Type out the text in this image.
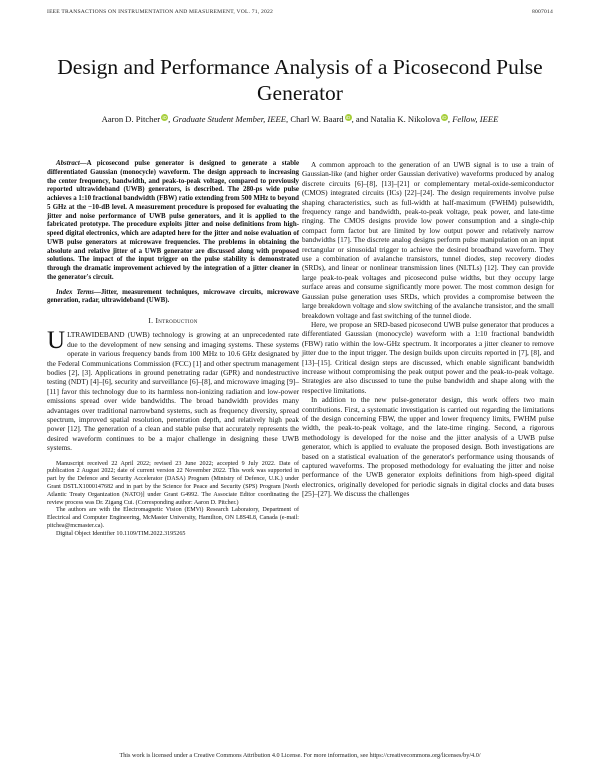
IEEE TRANSACTIONS ON INSTRUMENTATION AND MEASUREMENT, VOL. 71, 2022	8007014
Design and Performance Analysis of a Picosecond Pulse Generator
Aaron D. Pitcher iD, Graduate Student Member, IEEE, Charl W. Baard iD, and Natalia K. Nikolova iD, Fellow, IEEE

Abstract—A picosecond pulse generator is designed to generate a stable differentiated Gaussian (monocycle) waveform. The design approach to increasing the center frequency, bandwidth, and peak-to-peak voltage, compared to previously reported ultrawideband (UWB) generators, is described. The 280-ps wide pulse achieves a 1:10 fractional bandwidth (FBW) ratio extending from 500 MHz to beyond 5 GHz at the −10-dB level. A measurement procedure is proposed for evaluating the jitter and noise performance of UWB pulse generators, and it is applied to the fabricated prototype. The procedure exploits jitter and noise definitions from high-speed digital electronics, which are adapted here for the jitter and noise evaluation of UWB pulse generators at microwave frequencies. The problems in obtaining the absolute and relative jitter of a UWB generator are discussed along with proposed solutions. The impact of the input trigger on the pulse stability is demonstrated through the dramatic improvement achieved by the integration of a jitter cleaner in the generator's circuit.

Index Terms—Jitter, measurement techniques, microwave circuits, microwave generation, radar, ultrawideband (UWB).

I. Introduction

ULTRAWIDEBAND (UWB) technology is growing at an unprecedented rate due to the development of new sensing and imaging systems. These systems operate in various frequency bands from 100 MHz to 10.6 GHz designated by the Federal Communications Commission (FCC) [1] and other spectrum management bodies [2], [3]. Applications in ground penetrating radar (GPR) and nondestructive testing (NDT) [4]–[6], security and surveillance [6]–[8], and microwave imaging [9]–[11] favor this technology due to its harmless non-ionizing radiation and low-power emissions spread over wide bandwidths. The broad bandwidth provides many advantages over traditional narrowband systems, such as frequency diversity, spread spectrum, improved spatial resolution, penetration depth, and relatively high peak power [12]. The generation of a clean and stable pulse that accurately represents the desired waveform continues to be a major challenge in designing these UWB systems.

Manuscript received 22 April 2022; revised 23 June 2022; accepted 9 July 2022. Date of publication 2 August 2022; date of current version 22 November 2022. This work was supported in part by the Defence and Security Accelerator (DASA) Program (Ministry of Defence, U.K.) under Grant DSTLX1000147682 and in part by the Science for Peace and Security (SPS) Program [North Atlantic Treaty Organization (NATO)] under Grant G4992. The Associate Editor coordinating the review process was Dr. Zigang Cui. (Corresponding author: Aaron D. Pitcher.)

The authors are with the Electromagnetic Vision (EMVi) Research Laboratory, Department of Electrical and Computer Engineering, McMaster University, Hamilton, ON L8S4L8, Canada (e-mail: pitchea@mcmaster.ca).

Digital Object Identifier 10.1109/TIM.2022.3195265

A common approach to the generation of an UWB signal is to use a train of Gaussian-like (and higher order Gaussian derivative) waveforms produced by analog discrete circuits [6]–[8], [13]–[21] or complementary metal-oxide-semiconductor (CMOS) integrated circuits (ICs) [22]–[24]. The design requirements involve pulse shaping characteristics, such as full-width at half-maximum (FWHM) pulsewidth, frequency range and bandwidth, peak-to-peak voltage, peak power, and late-time ringing. The CMOS designs provide low power consumption and a single-chip compact form factor but are limited by low output power and relatively narrow bandwidths [17]. The discrete analog designs perform pulse manipulation on an input rectangular or sinusoidal trigger to achieve the desired broadband waveform. They use a combination of avalanche transistors, tunnel diodes, step recovery diodes (SRDs), and linear or nonlinear transmission lines (NLTLs) [12]. They can provide large peak-to-peak voltages and picosecond pulse widths, but they occupy large surface areas and consume significantly more power. The most common design for Gaussian pulse generation uses SRDs, which provides a compromise between the large breakdown voltage and slow switching of the avalanche transistor, and the small breakdown voltage and fast switching of the tunnel diode.

Here, we propose an SRD-based picosecond UWB pulse generator that produces a differentiated Gaussian (monocycle) waveform with a 1:10 fractional bandwidth (FBW) ratio within the low-GHz spectrum. It incorporates a jitter cleaner to remove jitter due to the input trigger. The design builds upon circuits reported in [7], [8], and [13]–[15]. Critical design steps are discussed, which enable significant bandwidth increase without compromising the peak output power and the peak-to-peak voltage. Strategies are also discussed to tune the pulse bandwidth and shape along with the respective limitations.

In addition to the new pulse-generator design, this work offers two main contributions. First, a systematic investigation is carried out regarding the limitations of the design concerning FBW, the upper and lower frequency limits, FWHM pulse width, the peak-to-peak voltage, and the late-time ringing. Second, a rigorous methodology is developed for the noise and the jitter analysis of a UWB pulse generator, which is applied to evaluate the proposed design. Both investigations are based on a statistical evaluation of the generator's performance using thousands of captured waveforms. The proposed methodology for evaluating the jitter and noise performance of the UWB generator exploits definitions from high-speed digital electronics, originally developed for periodic signals in digital clocks and data buses [25]–[27]. We discuss the challenges

This work is licensed under a Creative Commons Attribution 4.0 License. For more information, see https://creativecommons.org/licenses/by/4.0/
